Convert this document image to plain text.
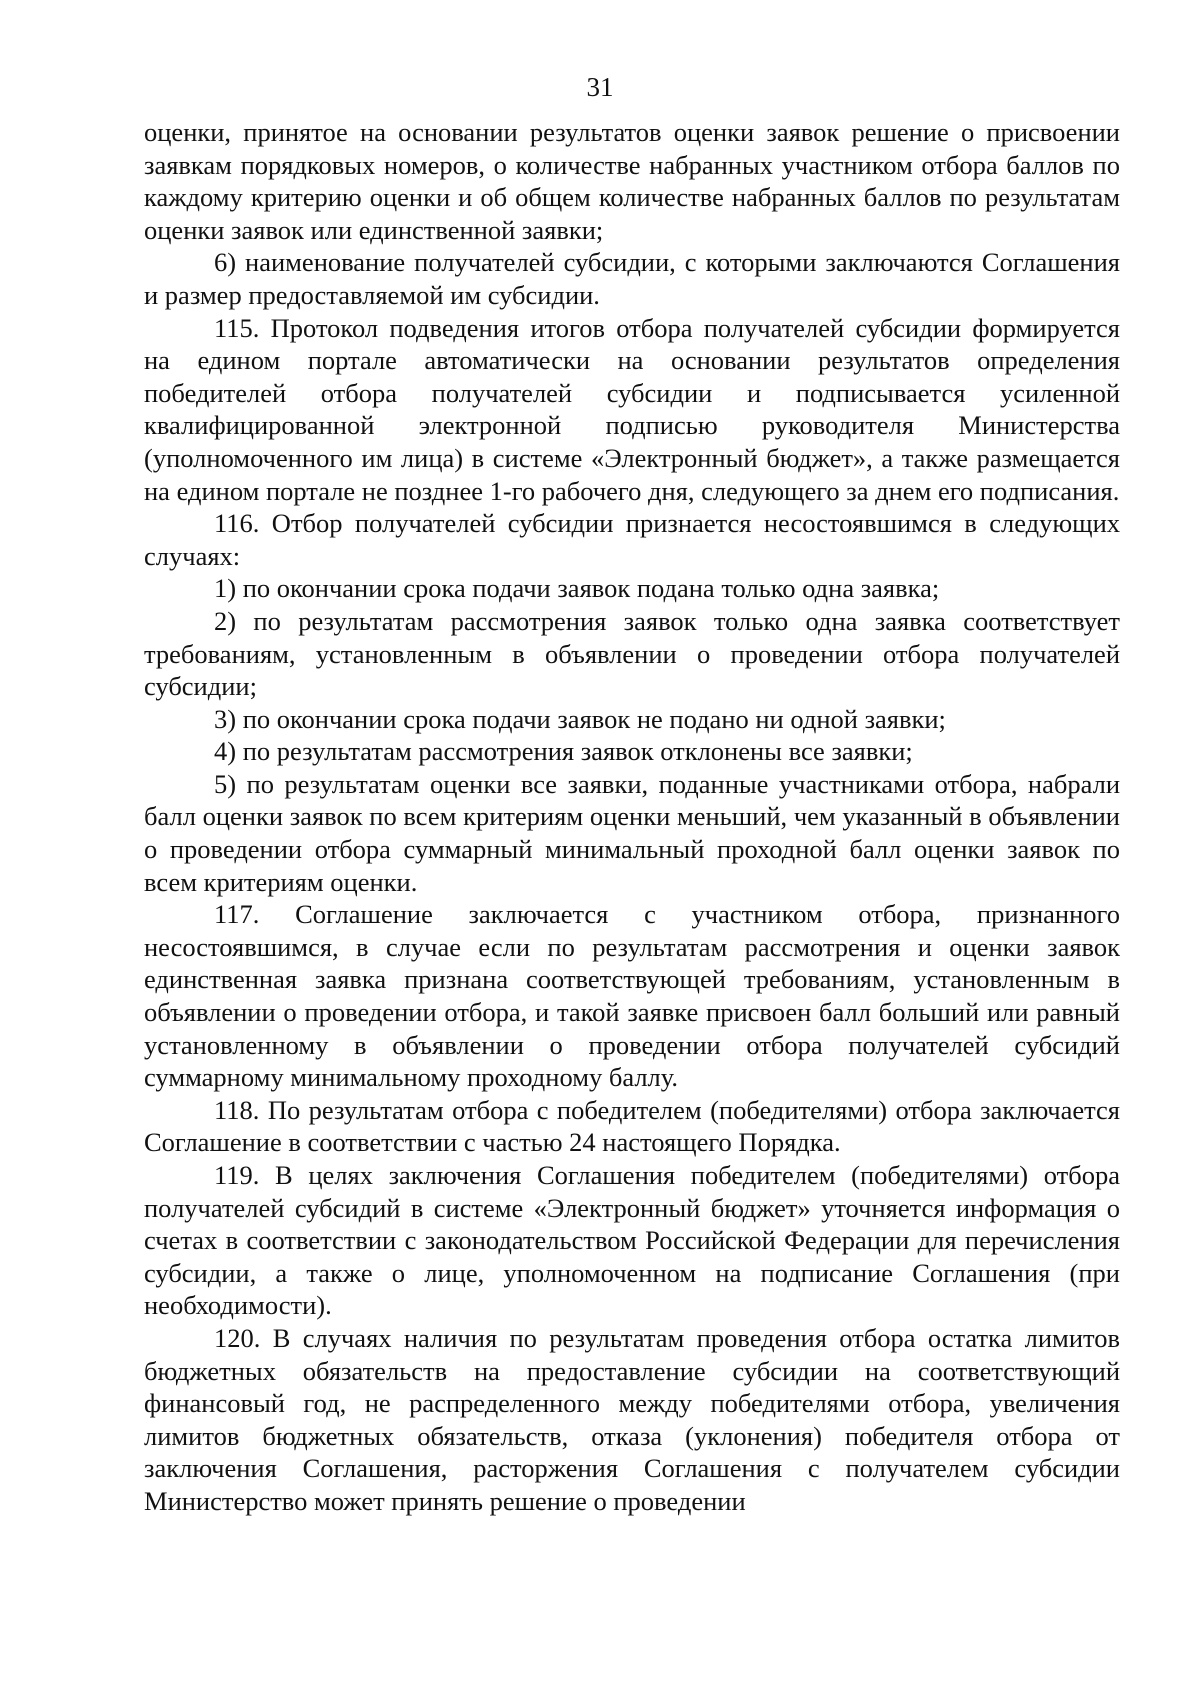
31

оценки, принятое на основании результатов оценки заявок решение о присвоении заявкам порядковых номеров, о количестве набранных участником отбора баллов по каждому критерию оценки и об общем количестве набранных баллов по результатам оценки заявок или единственной заявки;

6) наименование получателей субсидии, с которыми заключаются Соглашения и размер предоставляемой им субсидии.

115. Протокол подведения итогов отбора получателей субсидии формируется на едином портале автоматически на основании результатов определения победителей отбора получателей субсидии и подписывается усиленной квалифицированной электронной подписью руководителя Министерства (уполномоченного им лица) в системе «Электронный бюджет», а также размещается на едином портале не позднее 1-го рабочего дня, следующего за днем его подписания.

116. Отбор получателей субсидии признается несостоявшимся в следующих случаях:

1) по окончании срока подачи заявок подана только одна заявка;

2) по результатам рассмотрения заявок только одна заявка соответствует требованиям, установленным в объявлении о проведении отбора получателей субсидии;

3) по окончании срока подачи заявок не подано ни одной заявки;

4) по результатам рассмотрения заявок отклонены все заявки;

5) по результатам оценки все заявки, поданные участниками отбора, набрали балл оценки заявок по всем критериям оценки меньший, чем указанный в объявлении о проведении отбора суммарный минимальный проходной балл оценки заявок по всем критериям оценки.

117. Соглашение заключается с участником отбора, признанного несостоявшимся, в случае если по результатам рассмотрения и оценки заявок единственная заявка признана соответствующей требованиям, установленным в объявлении о проведении отбора, и такой заявке присвоен балл больший или равный установленному в объявлении о проведении отбора получателей субсидий суммарному минимальному проходному баллу.

118. По результатам отбора с победителем (победителями) отбора заключается Соглашение в соответствии с частью 24 настоящего Порядка.

119. В целях заключения Соглашения победителем (победителями) отбора получателей субсидий в системе «Электронный бюджет» уточняется информация о счетах в соответствии с законодательством Российской Федерации для перечисления субсидии, а также о лице, уполномоченном на подписание Соглашения (при необходимости).

120. В случаях наличия по результатам проведения отбора остатка лимитов бюджетных обязательств на предоставление субсидии на соответствующий финансовый год, не распределенного между победителями отбора, увеличения лимитов бюджетных обязательств, отказа (уклонения) победителя отбора от заключения Соглашения, расторжения Соглашения с получателем субсидии Министерство может принять решение о проведении
